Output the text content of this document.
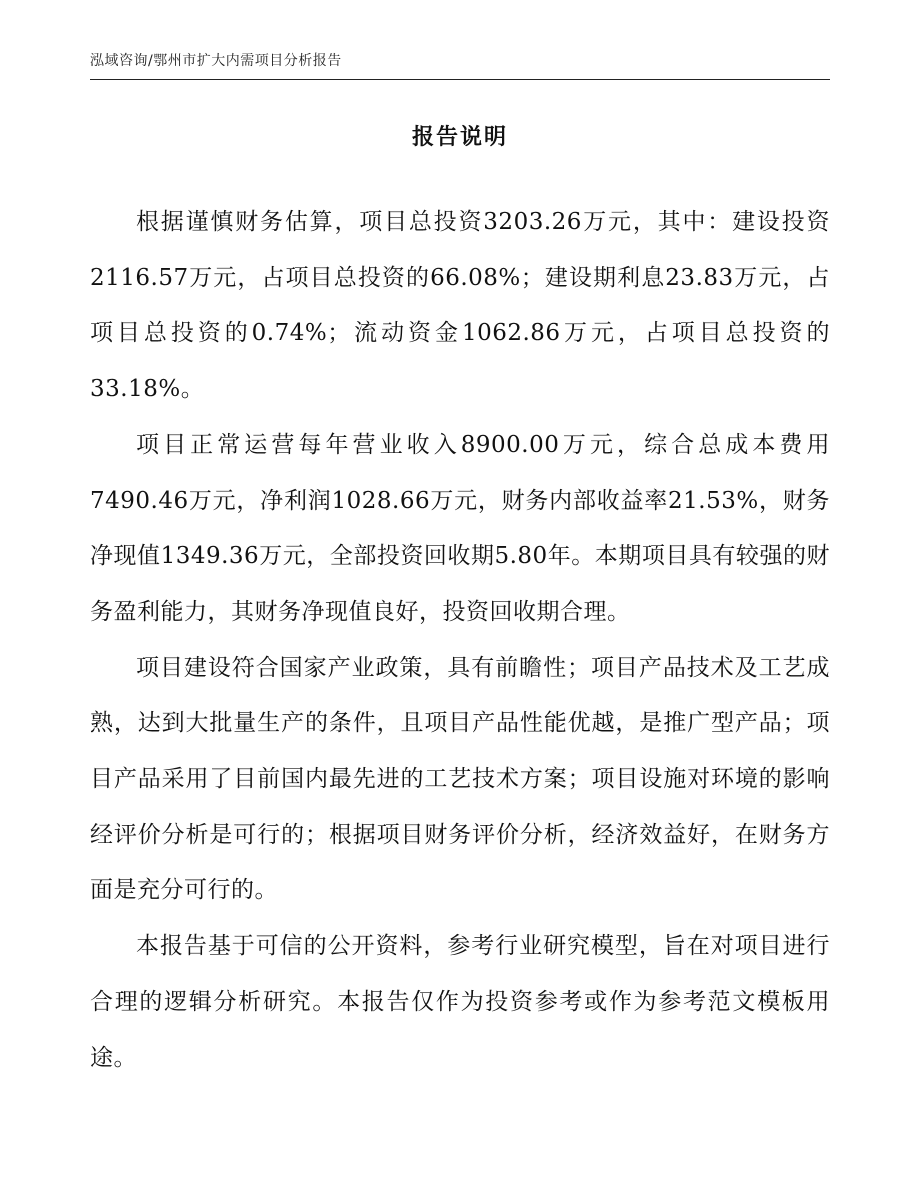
泓域咨询/鄂州市扩大内需项目分析报告
报告说明

根据谨慎财务估算，项目总投资3203.26万元，其中：建设投资2116.57万元，占项目总投资的66.08%；建设期利息23.83万元，占项目总投资的0.74%；流动资金1062.86万元，占项目总投资的33.18%。

项目正常运营每年营业收入8900.00万元，综合总成本费用7490.46万元，净利润1028.66万元，财务内部收益率21.53%，财务净现值1349.36万元，全部投资回收期5.80年。本期项目具有较强的财务盈利能力，其财务净现值良好，投资回收期合理。

项目建设符合国家产业政策，具有前瞻性；项目产品技术及工艺成熟，达到大批量生产的条件，且项目产品性能优越，是推广型产品；项目产品采用了目前国内最先进的工艺技术方案；项目设施对环境的影响经评价分析是可行的；根据项目财务评价分析，经济效益好，在财务方面是充分可行的。

本报告基于可信的公开资料，参考行业研究模型，旨在对项目进行合理的逻辑分析研究。本报告仅作为投资参考或作为参考范文模板用途。
